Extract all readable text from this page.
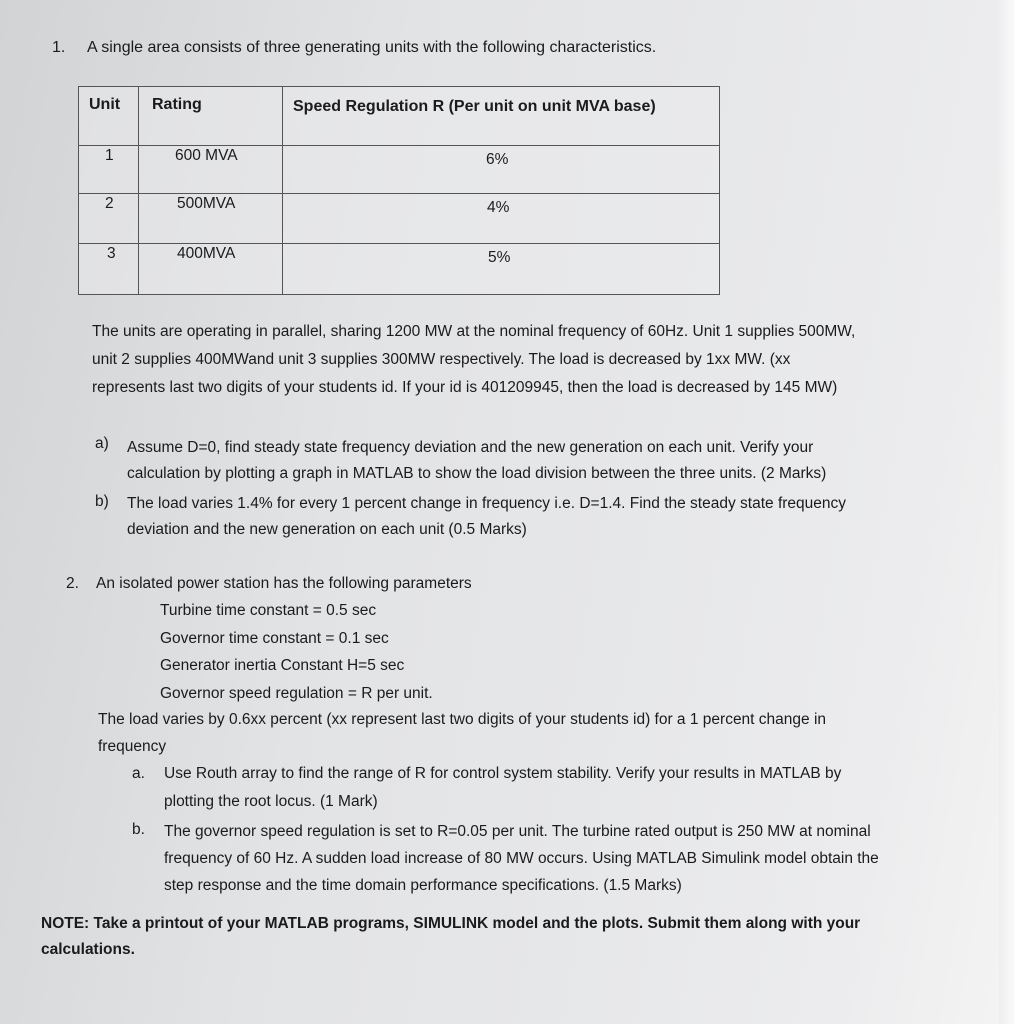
1. A single area consists of three generating units with the following characteristics.
Unit Rating	Speed Regulation R (Per unit on unit MVA base)
1	600 MVA	6%
2	500MVA	4%
3	400MVA	5%
The units are operating in parallel, sharing 1200 MW at the nominal frequency of 60Hz. Unit 1 supplies 500MW,
unit 2 supplies 400MWand unit 3 supplies 300MW respectively. The load is decreased by 1xx MW. (xx
represents last two digits of your students id. If your id is 401209945, then the load is decreased by 145 MW)
a) Assume D=0, find steady state frequency deviation and the new generation on each unit. Verify your
calculation by plotting a graph in MATLAB to show the load division between the three units. (2 Marks)
b) The load varies 1.4% for every 1 percent change in frequency i.e. D=1.4. Find the steady state frequency
deviation and the new generation on each unit (0.5 Marks)
2. An isolated power station has the following parameters
Turbine time constant = 0.5 sec
Governor time constant = 0.1 sec
Generator inertia Constant H=5 sec
Governor speed regulation = R per unit.
The load varies by 0.6xx percent (xx represent last two digits of your students id) for a 1 percent change in
frequency
a. Use Routh array to find the range of R for control system stability. Verify your results in MATLAB by
plotting the root locus. (1 Mark)
b. The governor speed regulation is set to R=0.05 per unit. The turbine rated output is 250 MW at nominal
frequency of 60 Hz. A sudden load increase of 80 MW occurs. Using MATLAB Simulink model obtain the
step response and the time domain performance specifications. (1.5 Marks)
NOTE: Take a printout of your MATLAB programs, SIMULINK model and the plots. Submit them along with your
calculations.
